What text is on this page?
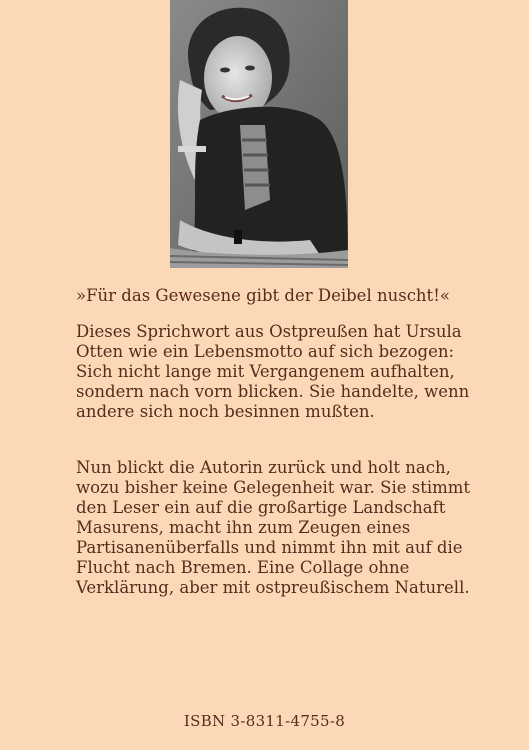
»Für das Gewesene gibt der Deibel nuscht!«

Dieses Sprichwort aus Ostpreußen hat Ursula
Otten wie ein Lebensmotto auf sich bezogen:
Sich nicht lange mit Vergangenem aufhalten,
sondern nach vorn blicken. Sie handelte, wenn
andere sich noch besinnen mußten.

Nun blickt die Autorin zurück und holt nach,
wozu bisher keine Gelegenheit war. Sie stimmt
den Leser ein auf die großartige Landschaft
Masurens, macht ihn zum Zeugen eines
Partisanenüberfalls und nimmt ihn mit auf die
Flucht nach Bremen. Eine Collage ohne
Verklärung, aber mit ostpreußischem Naturell.

ISBN 3-8311-4755-8
